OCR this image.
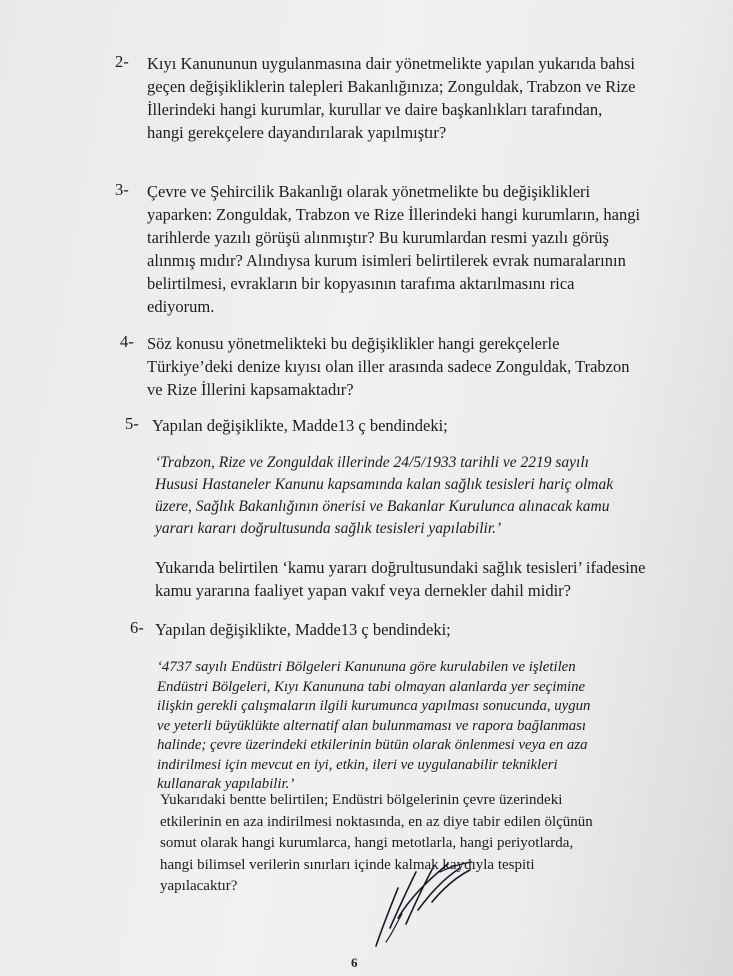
2- Kıyı Kanununun uygulanmasına dair yönetmelikte yapılan yukarıda bahsi
geçen değişikliklerin talepleri Bakanlığınıza; Zonguldak, Trabzon ve Rize
İllerindeki hangi kurumlar, kurullar ve daire başkanlıkları tarafından,
hangi gerekçelere dayandırılarak yapılmıştır?
3- Çevre ve Şehircilik Bakanlığı olarak yönetmelikte bu değişiklikleri
yaparken: Zonguldak, Trabzon ve Rize İllerindeki hangi kurumların, hangi
tarihlerde yazılı görüşü alınmıştır? Bu kurumlardan resmi yazılı görüş
alınmış mıdır? Alındıysa kurum isimleri belirtilerek evrak numaralarının
belirtilmesi, evrakların bir kopyasının tarafıma aktarılmasını rica
ediyorum.
4- Söz konusu yönetmelikteki bu değişiklikler hangi gerekçelerle
Türkiye’deki denize kıyısı olan iller arasında sadece Zonguldak, Trabzon
ve Rize İllerini kapsamaktadır?
5- Yapılan değişiklikte, Madde13 ç bendindeki;
‘Trabzon, Rize ve Zonguldak illerinde 24/5/1933 tarihli ve 2219 sayılı
Hususi Hastaneler Kanunu kapsamında kalan sağlık tesisleri hariç olmak
üzere, Sağlık Bakanlığının önerisi ve Bakanlar Kurulunca alınacak kamu
yararı kararı doğrultusunda sağlık tesisleri yapılabilir.’
Yukarıda belirtilen ‘kamu yararı doğrultusundaki sağlık tesisleri’ ifadesine
kamu yararına faaliyet yapan vakıf veya dernekler dahil midir?
6- Yapılan değişiklikte, Madde13 ç bendindeki;
‘4737 sayılı Endüstri Bölgeleri Kanununa göre kurulabilen ve işletilen
Endüstri Bölgeleri, Kıyı Kanununa tabi olmayan alanlarda yer seçimine
ilişkin gerekli çalışmaların ilgili kurumunca yapılması sonucunda, uygun
ve yeterli büyüklükte alternatif alan bulunmaması ve rapora bağlanması
halinde; çevre üzerindeki etkilerinin bütün olarak önlenmesi veya en aza
indirilmesi için mevcut en iyi, etkin, ileri ve uygulanabilir teknikleri
kullanarak yapılabilir.’
Yukarıdaki bentte belirtilen; Endüstri bölgelerinin çevre üzerindeki
etkilerinin en aza indirilmesi noktasında, en az diye tabir edilen ölçünün
somut olarak hangi kurumlarca, hangi metotlarla, hangi periyotlarda,
hangi bilimsel verilerin sınırları içinde kalmak kaydıyla tespiti
yapılacaktır?
6
